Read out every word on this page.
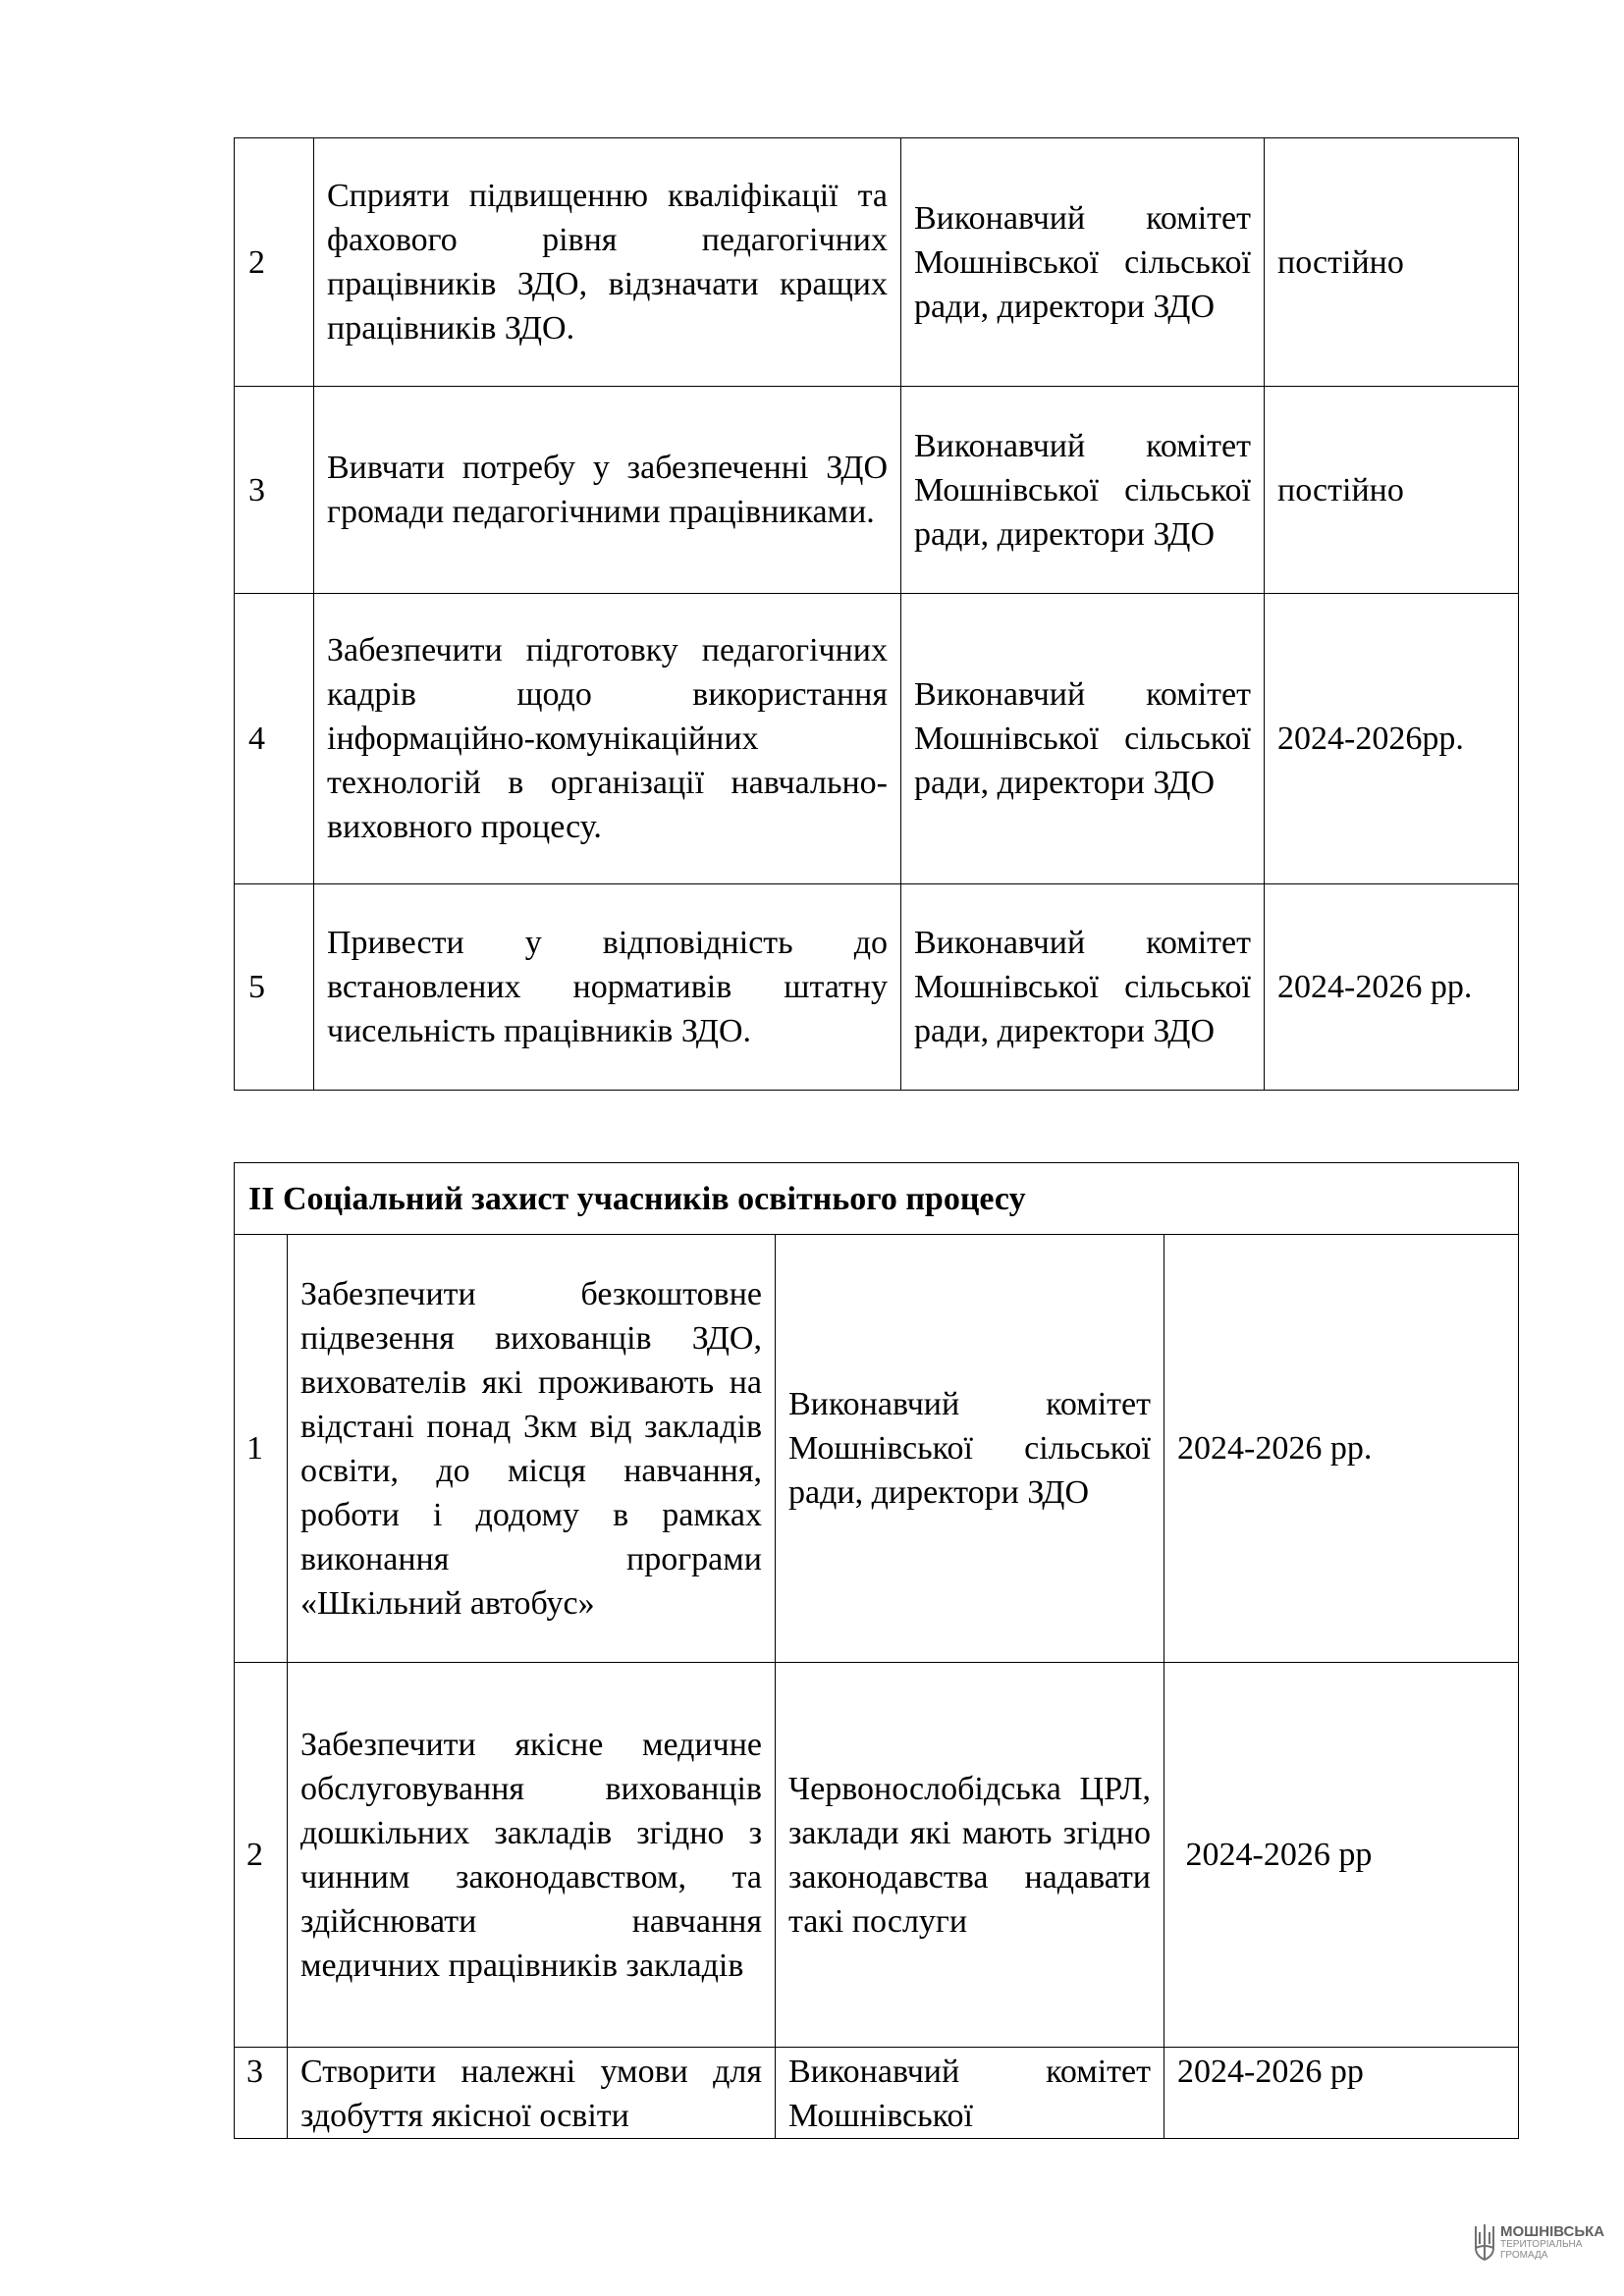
2	Сприяти підвищенню кваліфікації та фахового рівня педагогічних працівників ЗДО, відзначати кращих працівників ЗДО.	Виконавчий комітет Мошнівської сільської ради, директори ЗДО	постійно
3	Вивчати потребу у забезпеченні ЗДО громади педагогічними працівниками.	Виконавчий комітет Мошнівської сільської ради, директори ЗДО	постійно
4	Забезпечити підготовку педагогічних кадрів щодо використання інформаційно-комунікаційних технологій в організації навчально-виховного процесу.	Виконавчий комітет Мошнівської сільської ради, директори ЗДО	2024-2026рр.
5	Привести у відповідність до встановлених нормативів штатну чисельність працівників ЗДО.	Виконавчий комітет Мошнівської сільської ради, директори ЗДО	2024-2026 рр.
ІІ Соціальний захист учасників освітнього процесу			
1	Забезпечити безкоштовне підвезення вихованців ЗДО, вихователів які проживають на відстані понад 3км від закладів освіти, до місця навчання, роботи і додому в рамках виконання програми «Шкільний автобус»	Виконавчий комітет Мошнівської сільської ради, директори ЗДО	2024-2026 рр.
2	Забезпечити якісне медичне обслуговування вихованців дошкільних закладів згідно з чинним законодавством, та здійснювати навчання медичних працівників закладів	Червонослобідська ЦРЛ, заклади які мають згідно законодавства надавати такі послуги	2024-2026 рр
3	Створити належні умови для здобуття якісної освіти	Виконавчий комітет Мошнівської	2024-2026 рр
МОШНІВСЬКА
ТЕРИТОРІАЛЬНА
ГРОМАДА
